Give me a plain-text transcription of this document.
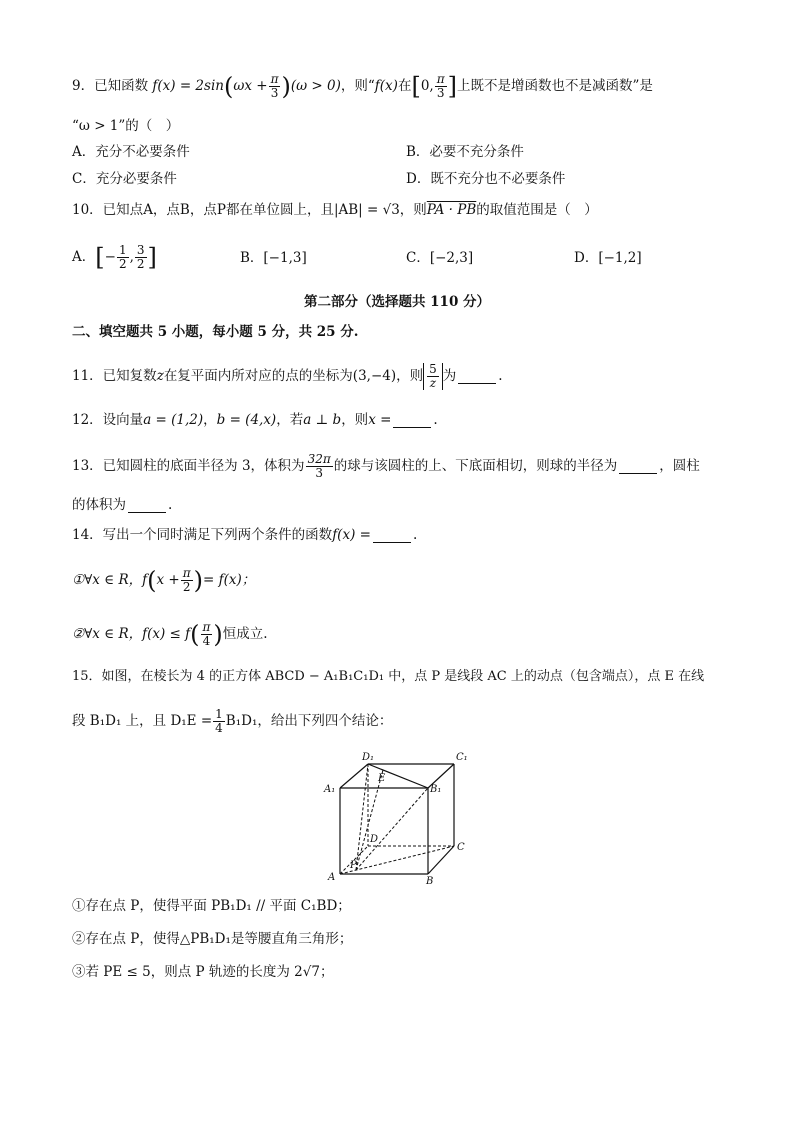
9．已知函数 $f(x) = 2\sin(\omega x + \frac{\pi}{3} )(\omega > 0)$，则“f(x)在[0, $\frac{\pi}{3}$ ]上既不是增函数也不是减函数”是
“ω > 1”的（　）
A．充分不必要条件	B．必要不充分条件
C．充分必要条件	D．既不充分也不必要条件
10．已知点A，点B，点P都在单位圆上，且|AB| = √3，则PA · PB的取值范围是（　）
A．[− $\frac{1}{2}$ , $\frac{3}{2}$ ]	B．[−1,3]	C．[−2,3]	D．[−1,2]
第二部分（选择题共 110 分）
二、填空题共 5 小题，每小题 5 分，共 25 分.
11．已知复数z在复平面内所对应的点的坐标为(3,−4)，则 $\frac{5}{z}$ 为	.
12．设向量a = (1,2)，b = (4,x)，若a ⊥ b，则x =	.
13．已知圆柱的底面半径为 3，体积为 $\frac{32\pi}{3}$ 的球与该圆柱的上、下底面相切，则球的半径为	，圆柱
的体积为	.
14．写出一个同时满足下列两个条件的函数f(x) =	.
①∀x ∈ R，$f(x + \frac{\pi}{2}$ )= f(x)；
②∀x ∈ R，$f(x) \le f( \frac{\pi}{4}$ )恒成立.
15．如图，在棱长为 4 的正方体 ABCD − A₁B₁C₁D₁ 中，点 P 是线段 AC 上的动点（包含端点），点 E 在线
段 B₁D₁ 上，且 $D_1E = \frac{1}{4} B_1D_1$，给出下列四个结论：
D₁	C₁
A₁	B₁
E
D
C
A	B
P
①存在点 P，使得平面 PB₁D₁ // 平面 C₁BD；
②存在点 P，使得△PB₁D₁是等腰直角三角形；
③若 PE ≤ 5，则点 P 轨迹的长度为 2√7；
